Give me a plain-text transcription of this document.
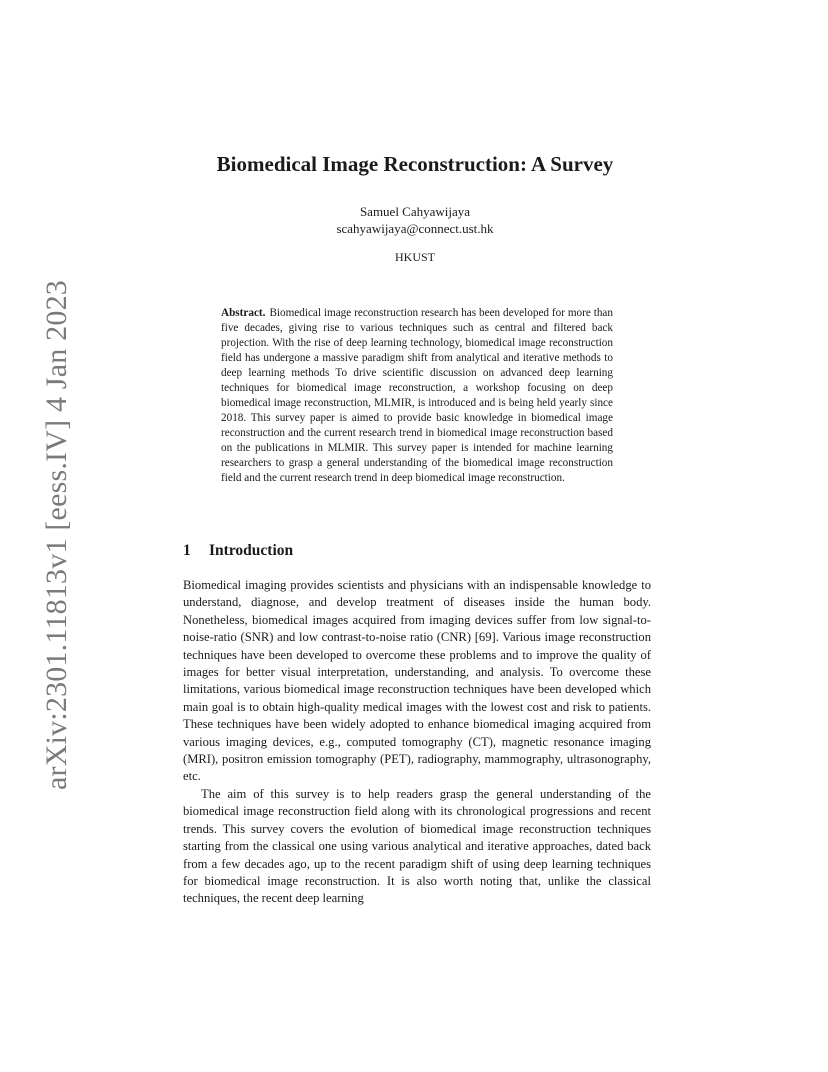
arXiv:2301.11813v1 [eess.IV] 4 Jan 2023
Biomedical Image Reconstruction: A Survey
Samuel Cahyawijaya
scahyawijaya@connect.ust.hk
HKUST
Abstract. Biomedical image reconstruction research has been developed for more than five decades, giving rise to various techniques such as central and filtered back projection. With the rise of deep learning technology, biomedical image reconstruction field has undergone a massive paradigm shift from analytical and iterative methods to deep learning methods To drive scientific discussion on advanced deep learning techniques for biomedical image reconstruction, a workshop focusing on deep biomedical image reconstruction, MLMIR, is introduced and is being held yearly since 2018. This survey paper is aimed to provide basic knowledge in biomedical image reconstruction and the current research trend in biomedical image reconstruction based on the publications in MLMIR. This survey paper is intended for machine learning researchers to grasp a general understanding of the biomedical image reconstruction field and the current research trend in deep biomedical image reconstruction.
1 Introduction

Biomedical imaging provides scientists and physicians with an indispensable knowledge to understand, diagnose, and develop treatment of diseases inside the human body. Nonetheless, biomedical images acquired from imaging devices suffer from low signal-to-noise-ratio (SNR) and low contrast-to-noise ratio (CNR) [69]. Various image reconstruction techniques have been developed to overcome these problems and to improve the quality of images for better visual interpretation, understanding, and analysis. To overcome these limitations, various biomedical image reconstruction techniques have been developed which main goal is to obtain high-quality medical images with the lowest cost and risk to patients. These techniques have been widely adopted to enhance biomedical imaging acquired from various imaging devices, e.g., computed tomography (CT), magnetic resonance imaging (MRI), positron emission tomography (PET), radiography, mammography, ultrasonography, etc.

The aim of this survey is to help readers grasp the general understanding of the biomedical image reconstruction field along with its chronological progressions and recent trends. This survey covers the evolution of biomedical image reconstruction techniques starting from the classical one using various analytical and iterative approaches, dated back from a few decades ago, up to the recent paradigm shift of using deep learning techniques for biomedical image reconstruction. It is also worth noting that, unlike the classical techniques, the recent deep learning
